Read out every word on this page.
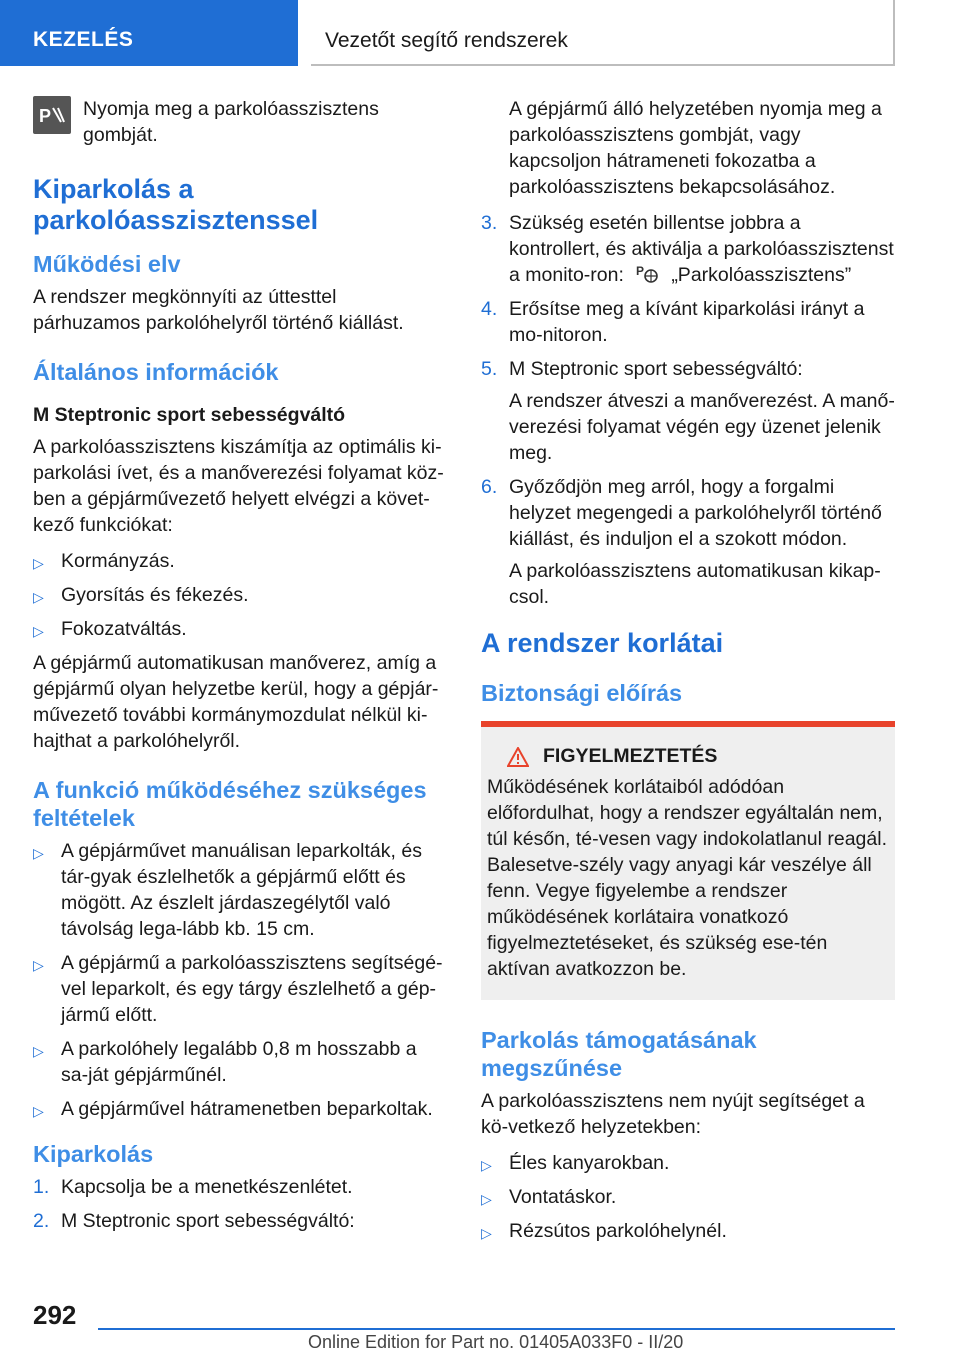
KEZELÉS	Vezetőt segítő rendszerek
P Nyomja meg a parkolóasszisztens gombját.

Kiparkolás a parkolóasszisztenssel
Működési elv

A rendszer megkönnyíti az úttesttel párhuzamos parkolóhelyről történő kiállást.

Általános információk
M Steptronic sport sebességváltó

A parkolóasszisztens kiszámítja az optimális ki-parkolási ívet, és a manőverezési folyamat köz-ben a gépjárművezető helyett elvégzi a követ-kező funkciókat:

▷ Kormányzás.
▷ Gyorsítás és fékezés.
▷ Fokozatváltás.

A gépjármű automatikusan manőverez, amíg a gépjármű olyan helyzetbe kerül, hogy a gépjár-művezető további kormánymozdulat nélkül ki-hajthat a parkolóhelyről.

A funkció működéséhez szükséges feltételek
▷ A gépjárművet manuálisan leparkolták, és tár-gyak észlelhetők a gépjármű előtt és mögött. Az észlelt járdaszegélytől való távolság lega-lább kb. 15 cm.
▷ A gépjármű a parkolóasszisztens segítségé-vel leparkolt, és egy tárgy észlelhető a gép-jármű előtt.
▷ A parkolóhely legalább 0,8 m hosszabb a sa-ját gépjárműnél.
▷ A gépjárművel hátramenetben beparkoltak.
Kiparkolás
1. Kapcsolja be a menetkészenlétet.
2. M Steptronic sport sebességváltó:
A gépjármű álló helyzetében nyomja meg a parkolóasszisztens gombját, vagy kapcsoljon hátrameneti fokozatba a parkolóasszisztens bekapcsolásához.
3. Szükség esetén billentse jobbra a kontrollert, és aktiválja a parkolóasszisztenst a monito-ron: P „Parkolóasszisztens”
4. Erősítse meg a kívánt kiparkolási irányt a mo-nitoron.
5. M Steptronic sport sebességváltó:
A rendszer átveszi a manőverezést. A manő-verezési folyamat végén egy üzenet jelenik meg.
6. Győződjön meg arról, hogy a forgalmi helyzet megengedi a parkolóhelyről történő kiállást, és induljon el a szokott módon.
A parkolóasszisztens automatikusan kikap-csol.
A rendszer korlátai
Biztonsági előírás
FIGYELMEZTETÉS

Működésének korlátaiból adódóan előfordulhat, hogy a rendszer egyáltalán nem, túl későn, té-vesen vagy indokolatlanul reagál. Balesetve-szély vagy anyagi kár veszélye áll fenn. Vegye figyelembe a rendszer működésének korlátaira vonatkozó figyelmeztetéseket, és szükség ese-tén aktívan avatkozzon be.

Parkolás támogatásának megszűnése

A parkolóasszisztens nem nyújt segítséget a kö-vetkező helyzetekben:

▷ Éles kanyarokban.
▷ Vontatáskor.
▷ Rézsútos parkolóhelynél.
292
Online Edition for Part no. 01405A033F0 - II/20
